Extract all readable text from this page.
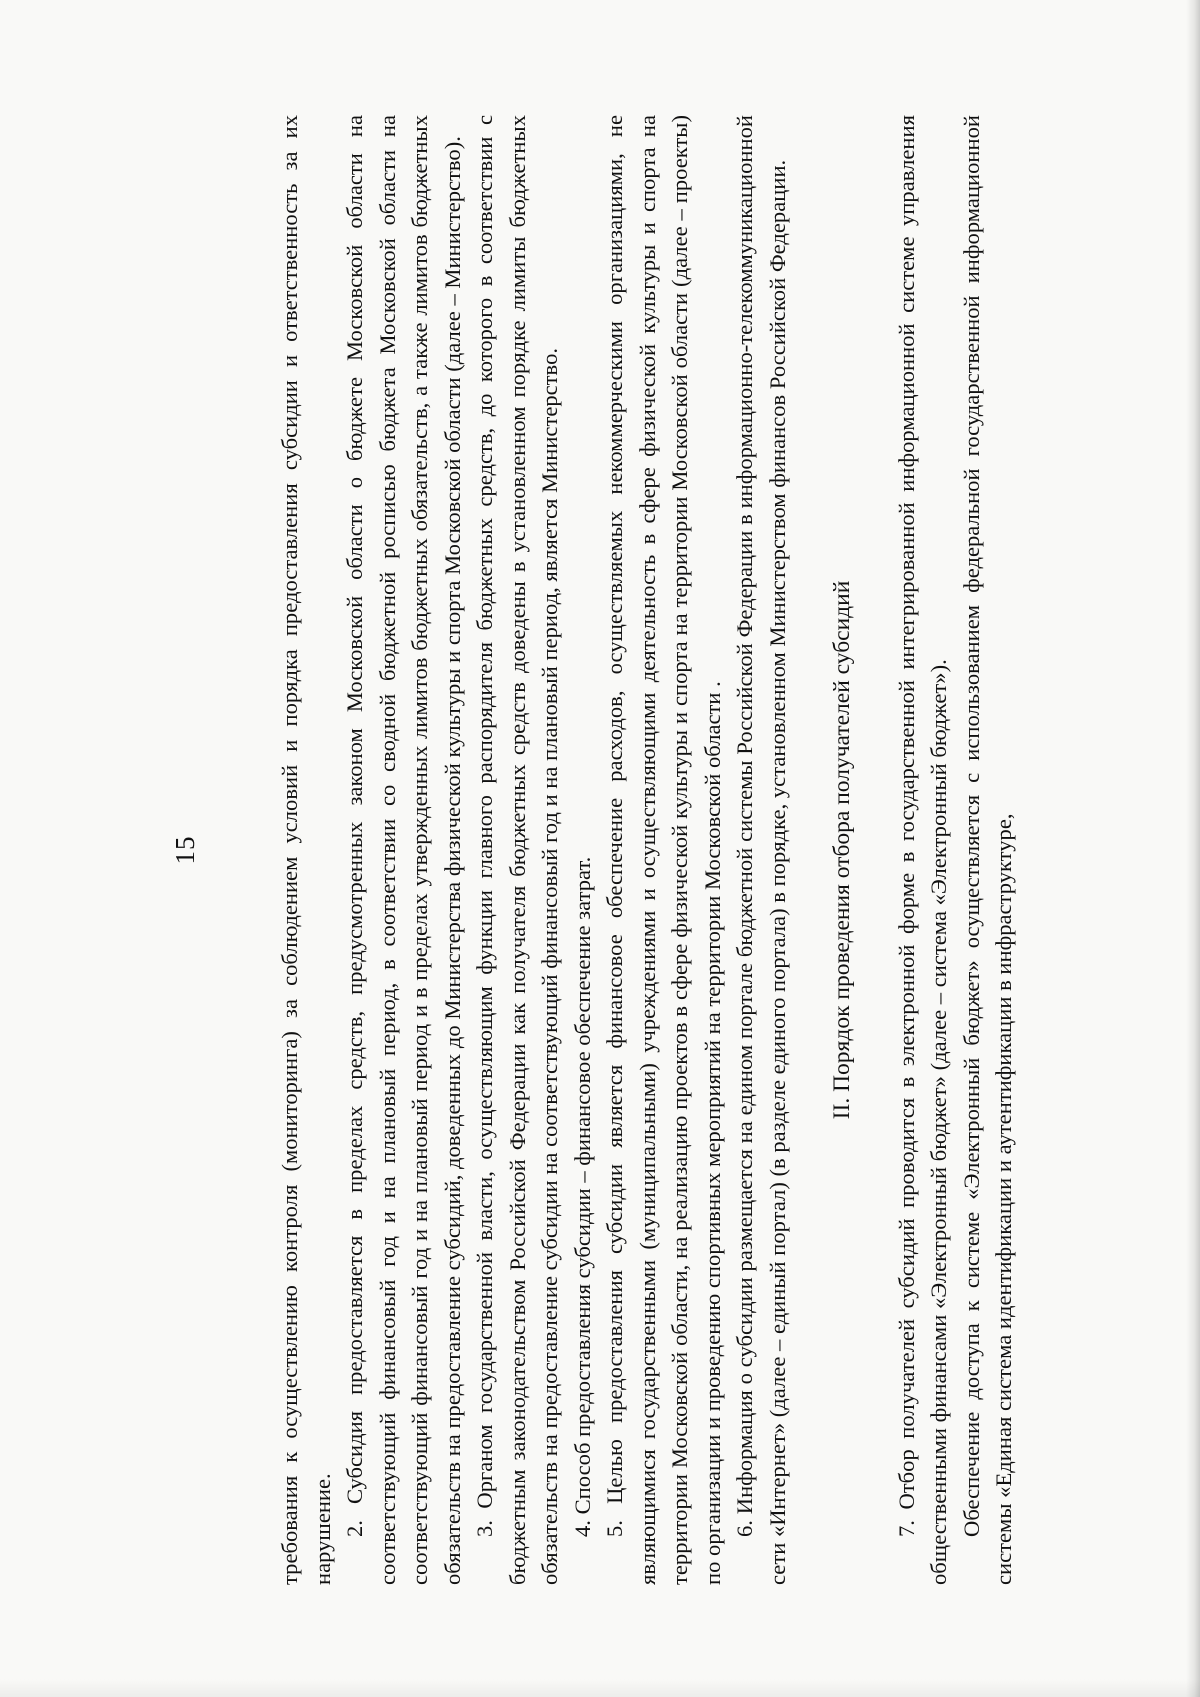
15	требования к осуществлению контроля (мониторинга) за соблюдением условий и порядка предоставления субсидии и ответственность за их нарушение. 2. Субсидия предоставляется в пределах средств, предусмотренных законом Московской области о бюджете Московской области на соответствующий финансовый год и на плановый период, в соответствии со сводной бюджетной росписью бюджета Московской области на соответствующий финансовый год и на плановый период и в пределах утвержденных лимитов бюджетных обязательств, а также лимитов бюджетных обязательств на предоставление субсидий, доведенных до Министерства физической культуры и спорта Московской области (далее – Министерство). 3. Органом государственной власти, осуществляющим функции главного распорядителя бюджетных средств, до которого в соответствии с бюджетным законодательством Российской Федерации как получателя бюджетных средств доведены в установленном порядке лимиты бюджетных обязательств на предоставление субсидии на соответствующий финансовый год и на плановый период, является Министерство. 4. Способ предоставления субсидии – финансовое обеспечение затрат. 5. Целью предоставления субсидии является финансовое обеспечение расходов, осуществляемых некоммерческими организациями, не являющимися государственными (муниципальными) учреждениями и осуществляющими деятельность в сфере физической культуры и спорта на территории Московской области, на реализацию проектов в сфере физической культуры и спорта на территории Московской области (далее – проекты) по организации и проведению спортивных мероприятий на территории Московской области . 6. Информация о субсидии размещается на едином портале бюджетной системы Российской Федерации в информационно-телекоммуникационной сети «Интернет» (далее – единый портал) (в разделе единого портала) в порядке, установленном Министерством финансов Российской Федерации. II. Порядок проведения отбора получателей субсидий 7. Отбор получателей субсидий проводится в электронной форме в государственной интегрированной информационной системе управления общественными финансами «Электронный бюджет» (далее – система «Электронный бюджет»). Обеспечение доступа к системе «Электронный бюджет» осуществляется с использованием федеральной государственной информационной системы «Единая система идентификации и аутентификации в инфраструктуре,
